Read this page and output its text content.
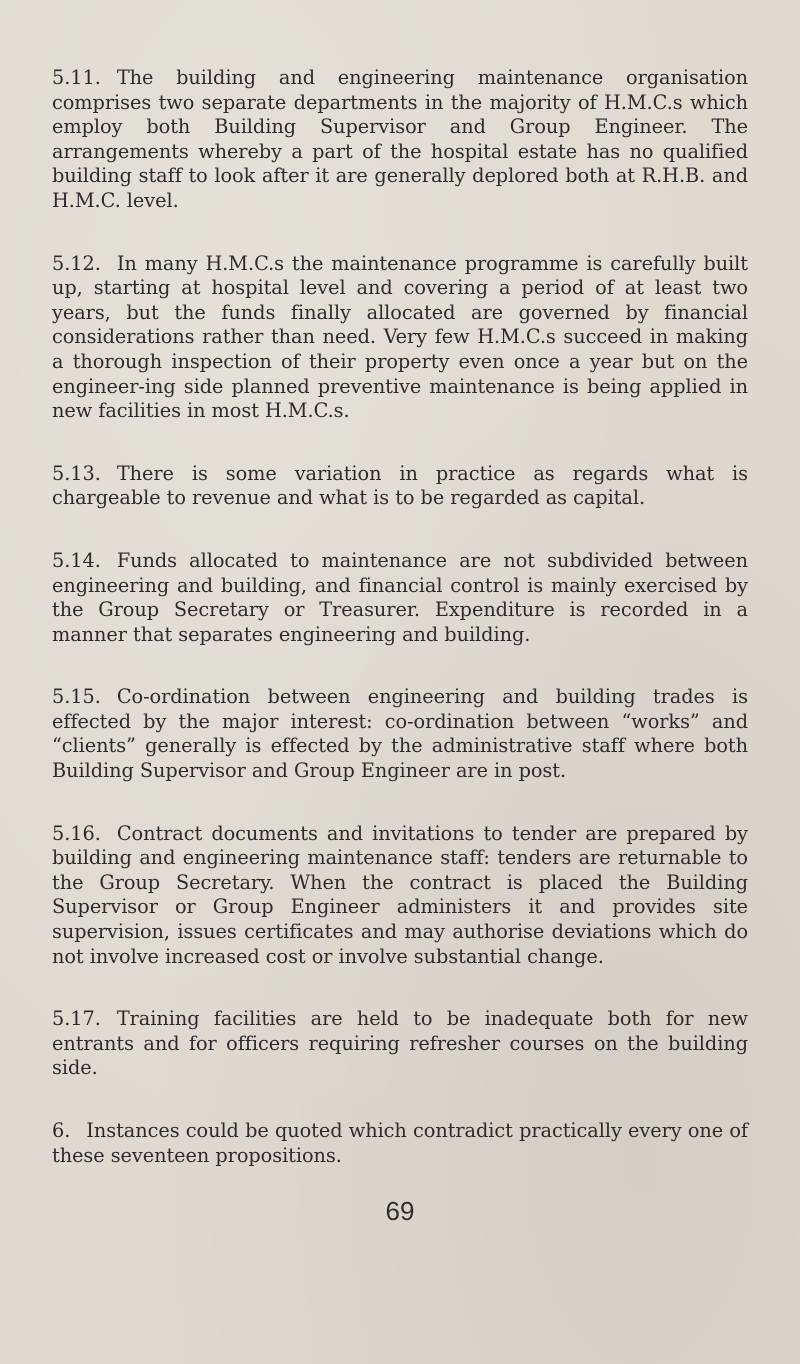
5.11. The building and engineering maintenance organisation comprises two separate departments in the majority of H.M.C.s which employ both Building Supervisor and Group Engineer. The arrangements whereby a part of the hospital estate has no qualified building staff to look after it are generally deplored both at R.H.B. and H.M.C. level.

5.12. In many H.M.C.s the maintenance programme is carefully built up, starting at hospital level and covering a period of at least two years, but the funds finally allocated are governed by financial considerations rather than need. Very few H.M.C.s succeed in making a thorough inspection of their property even once a year but on the engineer-ing side planned preventive maintenance is being applied in new facilities in most H.M.C.s.

5.13. There is some variation in practice as regards what is chargeable to revenue and what is to be regarded as capital.

5.14. Funds allocated to maintenance are not subdivided between engineering and building, and financial control is mainly exercised by the Group Secretary or Treasurer. Expenditure is recorded in a manner that separates engineering and building.

5.15. Co-ordination between engineering and building trades is effected by the major interest: co-ordination between “works” and “clients” generally is effected by the administrative staff where both Building Supervisor and Group Engineer are in post.

5.16. Contract documents and invitations to tender are prepared by building and engineering maintenance staff: tenders are returnable to the Group Secretary. When the contract is placed the Building Supervisor or Group Engineer administers it and provides site supervision, issues certificates and may authorise deviations which do not involve increased cost or involve substantial change.

5.17. Training facilities are held to be inadequate both for new entrants and for officers requiring refresher courses on the building side.

6. Instances could be quoted which contradict practically every one of these seventeen propositions.

69
